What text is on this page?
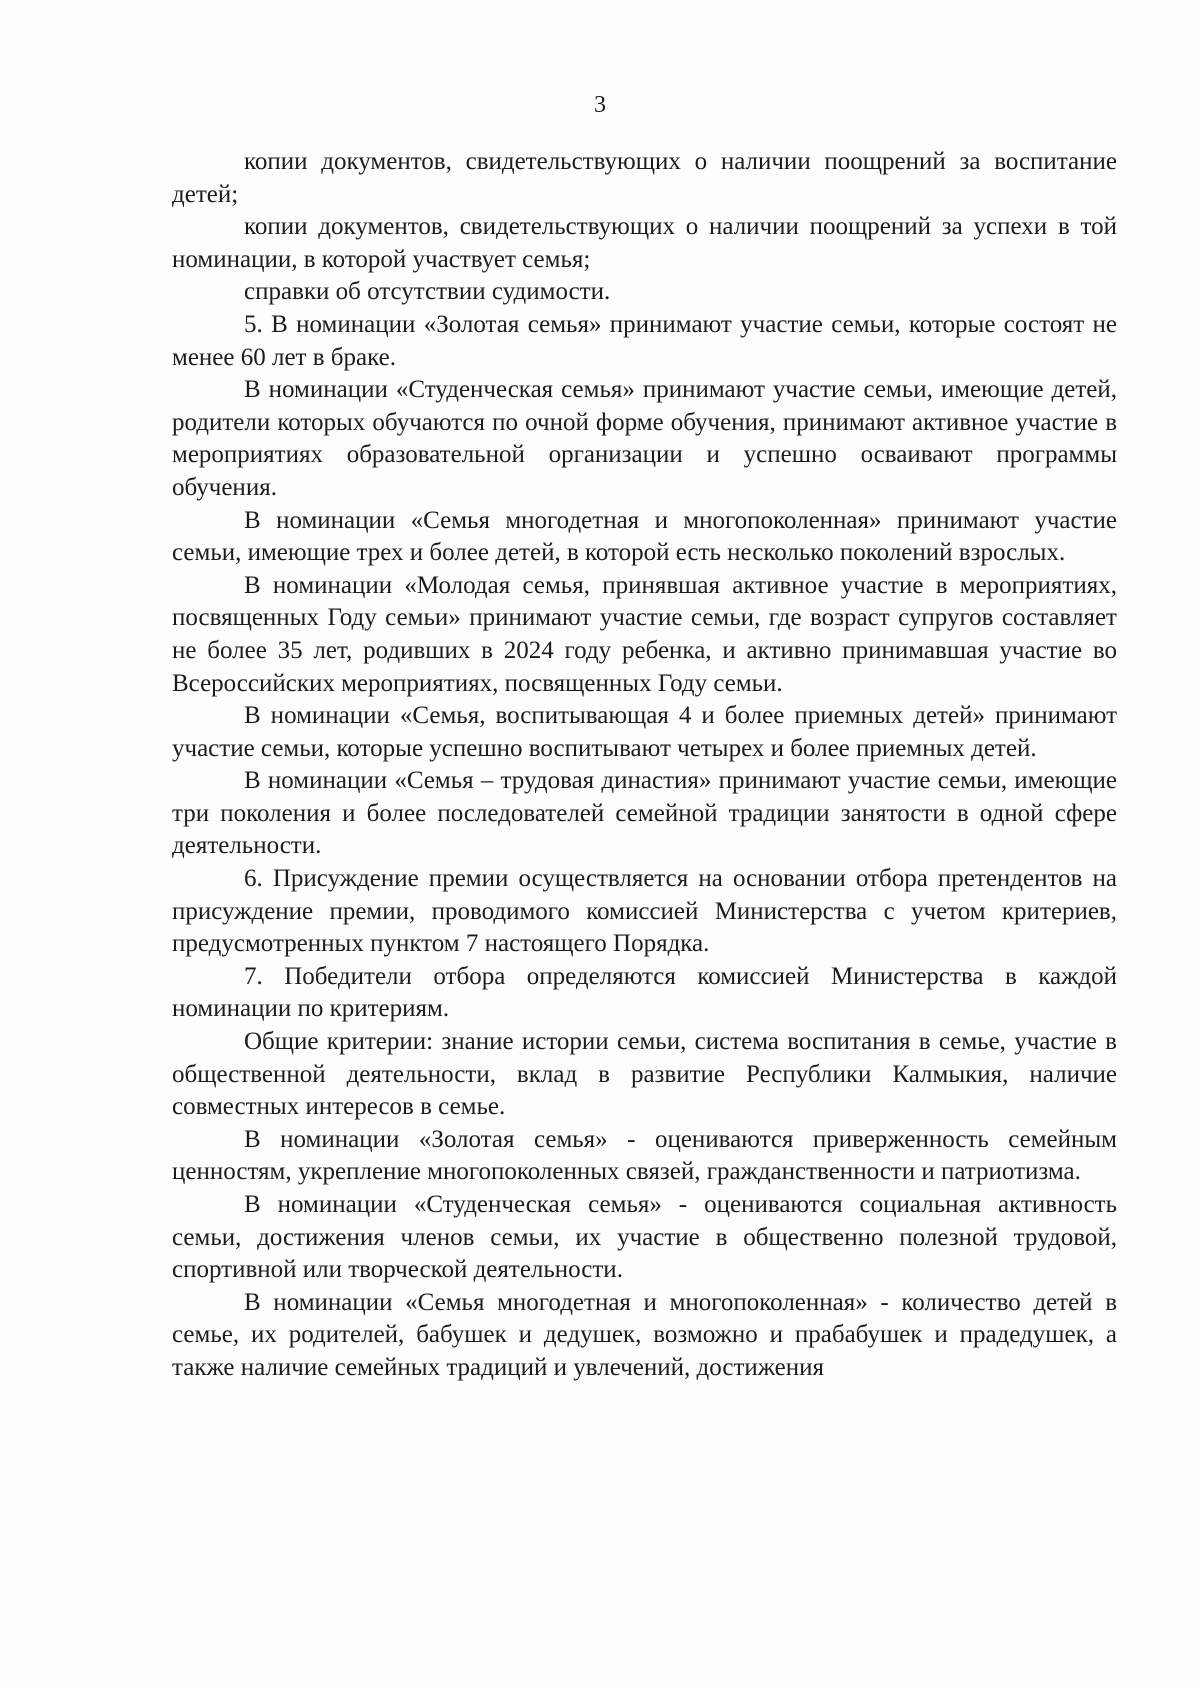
3

копии документов, свидетельствующих о наличии поощрений за воспитание детей;

копии документов, свидетельствующих о наличии поощрений за успехи в той номинации, в которой участвует семья;

справки об отсутствии судимости.

5. В номинации «Золотая семья» принимают участие семьи, которые состоят не менее 60 лет в браке.

В номинации «Студенческая семья» принимают участие семьи, имеющие детей, родители которых обучаются по очной форме обучения, принимают активное участие в мероприятиях образовательной организации и успешно осваивают программы обучения.

В номинации «Семья многодетная и многопоколенная» принимают участие семьи, имеющие трех и более детей, в которой есть несколько поколений взрослых.

В номинации «Молодая семья, принявшая активное участие в мероприятиях, посвященных Году семьи» принимают участие семьи, где возраст супругов составляет не более 35 лет, родивших в 2024 году ребенка, и активно принимавшая участие во Всероссийских мероприятиях, посвященных Году семьи.

В номинации «Семья, воспитывающая 4 и более приемных детей» принимают участие семьи, которые успешно воспитывают четырех и более приемных детей.

В номинации «Семья – трудовая династия» принимают участие семьи, имеющие три поколения и более последователей семейной традиции занятости в одной сфере деятельности.

6. Присуждение премии осуществляется на основании отбора претендентов на присуждение премии, проводимого комиссией Министерства с учетом критериев, предусмотренных пунктом 7 настоящего Порядка.

7. Победители отбора определяются комиссией Министерства в каждой номинации по критериям.

Общие критерии: знание истории семьи, система воспитания в семье, участие в общественной деятельности, вклад в развитие Республики Калмыкия, наличие совместных интересов в семье.

В номинации «Золотая семья» - оцениваются приверженность семейным ценностям, укрепление многопоколенных связей, гражданственности и патриотизма.

В номинации «Студенческая семья» - оцениваются социальная активность семьи, достижения членов семьи, их участие в общественно полезной трудовой, спортивной или творческой деятельности.

В номинации «Семья многодетная и многопоколенная» - количество детей в семье, их родителей, бабушек и дедушек, возможно и прабабушек и прадедушек, а также наличие семейных традиций и увлечений, достижения
